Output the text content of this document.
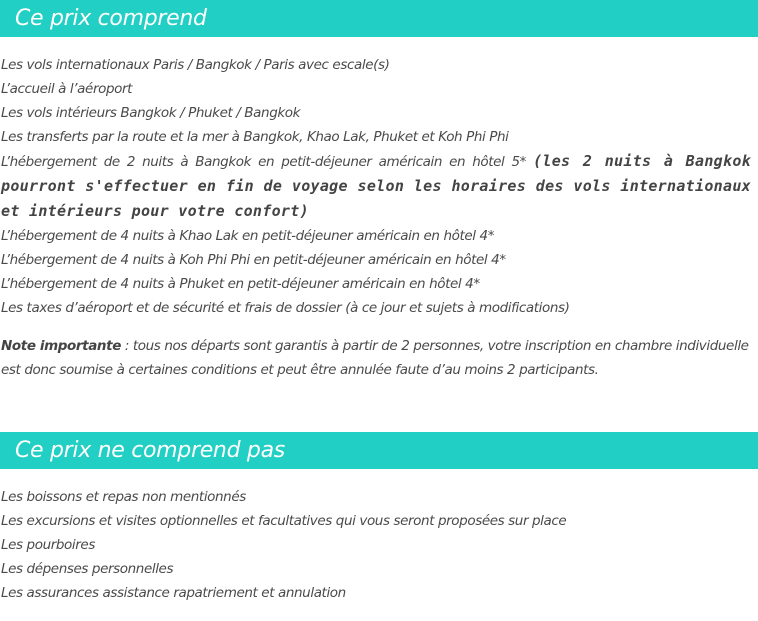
Ce prix comprend
Les vols internationaux Paris / Bangkok / Paris avec escale(s)
L’accueil à l’aéroport
Les vols intérieurs Bangkok / Phuket / Bangkok
Les transferts par la route et la mer à Bangkok, Khao Lak, Phuket et Koh Phi Phi
L’hébergement de 2 nuits à Bangkok en petit-déjeuner américain en hôtel 5* (les 2 nuits à Bangkok pourront s'effectuer en fin de voyage selon les horaires des vols internationaux et intérieurs pour votre confort)
L’hébergement de 4 nuits à Khao Lak en petit-déjeuner américain en hôtel 4*
L’hébergement de 4 nuits à Koh Phi Phi en petit-déjeuner américain en hôtel 4*
L’hébergement de 4 nuits à Phuket en petit-déjeuner américain en hôtel 4*
Les taxes d’aéroport et de sécurité et frais de dossier (à ce jour et sujets à modifications)

Note importante : tous nos départs sont garantis à partir de 2 personnes, votre inscription en chambre individuelle est donc soumise à certaines conditions et peut être annulée faute d’au moins 2 participants.

Ce prix ne comprend pas
Les boissons et repas non mentionnés
Les excursions et visites optionnelles et facultatives qui vous seront proposées sur place
Les pourboires
Les dépenses personnelles
Les assurances assistance rapatriement et annulation
